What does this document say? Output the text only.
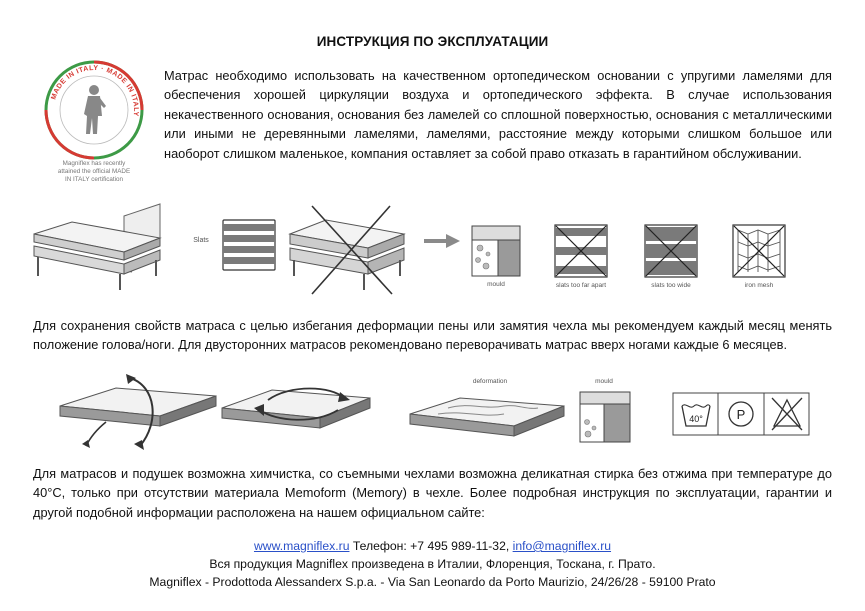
ИНСТРУКЦИЯ ПО ЭКСПЛУАТАЦИИ
MADE IN ITALY · MADE IN ITALY
Magniflex has recently
attained the official MADE
IN ITALY certification
Матрас необходимо использовать на качественном ортопедическом основании с упругими ламелями для обеспечения хорошей циркуляции воздуха и ортопедического эффекта. В случае использования некачественного основания, основания без ламелей со сплошной поверхностью, основания с металлическими или иными не деревянными ламелями, ламелями, расстояние между которыми слишком большое или наоборот слишком маленькое, компания оставляет за собой право отказать в гарантийном обслуживании.
Slats
mould	slats too far apart	slats too wide	iron mesh
Для сохранения свойств матраса с целью избегания деформации пены или замятия чехла мы рекомендуем каждый месяц менять положение голова/ноги. Для двусторонних матрасов рекомендовано переворачивать матрас вверх ногами каждые 6 месяцев.
deformation	mould
40°	P
Для матрасов и подушек возможна химчистка, со съемными чехлами возможна деликатная стирка без отжима при температуре до 40°C, только при отсутствии материала Memoform (Memory) в чехле. Более подробная инструкция по эксплуатации, гарантии и другой подобной информации расположена на нашем официальном сайте:
www.magniflex.ru Телефон: +7 495 989-11-32, info@magniflex.ru
Вся продукция Magniflex произведена в Италии, Флоренция, Тоскана, г. Прато.
Magniflex - Prodottoda Alessanderx S.p.a. - Via San Leonardo da Porto Maurizio, 24/26/28 - 59100 Prato
